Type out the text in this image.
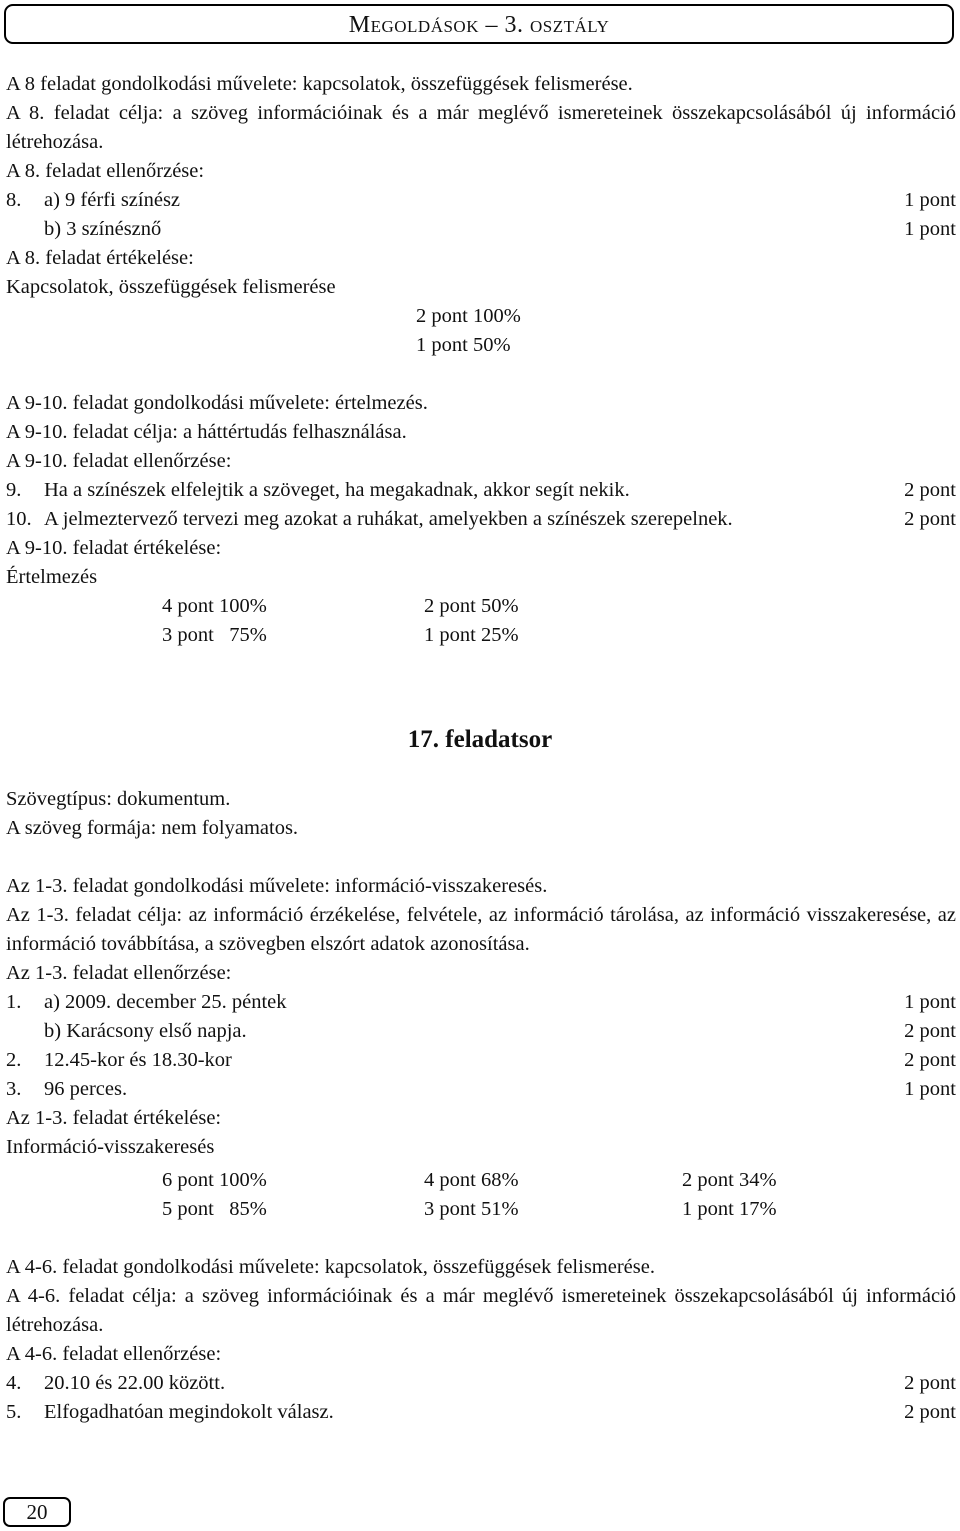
Megoldások – 3. osztály
A 8 feladat gondolkodási művelete: kapcsolatok, összefüggések felismerése.
A 8. feladat célja: a szöveg információinak és a már meglévő ismereteinek összekapcsolásából új információ létrehozása.
A 8. feladat ellenőrzése:
8. a) 9 férfi színész	1 pont
b) 3 színésznő	1 pont
A 8. feladat értékelése:
Kapcsolatok, összefüggések felismerése
2 pont 100%
1 pont 50%
A 9-10. feladat gondolkodási művelete: értelmezés.
A 9-10. feladat célja: a háttértudás felhasználása.
A 9-10. feladat ellenőrzése:
9. Ha a színészek elfelejtik a szöveget, ha megakadnak, akkor segít nekik.	2 pont
10. A jelmeztervező tervezi meg azokat a ruhákat, amelyekben a színészek szerepelnek.	2 pont
A 9-10. feladat értékelése:
Értelmezés
4 pont 100%	2 pont 50%
3 pont   75%	1 pont 25%
17. feladatsor
Szövegtípus: dokumentum.
A szöveg formája: nem folyamatos.
Az 1-3. feladat gondolkodási művelete: információ-visszakeresés.
Az 1-3. feladat célja: az információ érzékelése, felvétele, az információ tárolása, az információ visszakeresése, az információ továbbítása, a szövegben elszórt adatok azonosítása.
Az 1-3. feladat ellenőrzése:
1. a) 2009. december 25. péntek	1 pont
b) Karácsony első napja.	2 pont
2. 12.45-kor és 18.30-kor	2 pont
3. 96 perces.	1 pont
Az 1-3. feladat értékelése:
Információ-visszakeresés
6 pont 100%	4 pont 68%	2 pont 34%
5 pont   85%	3 pont 51%	1 pont 17%
A 4-6. feladat gondolkodási művelete: kapcsolatok, összefüggések felismerése.
A 4-6. feladat célja: a szöveg információinak és a már meglévő ismereteinek összekapcsolásából új információ létrehozása.
A 4-6. feladat ellenőrzése:
4. 20.10 és 22.00 között.	2 pont
5. Elfogadhatóan megindokolt válasz.	2 pont
20
